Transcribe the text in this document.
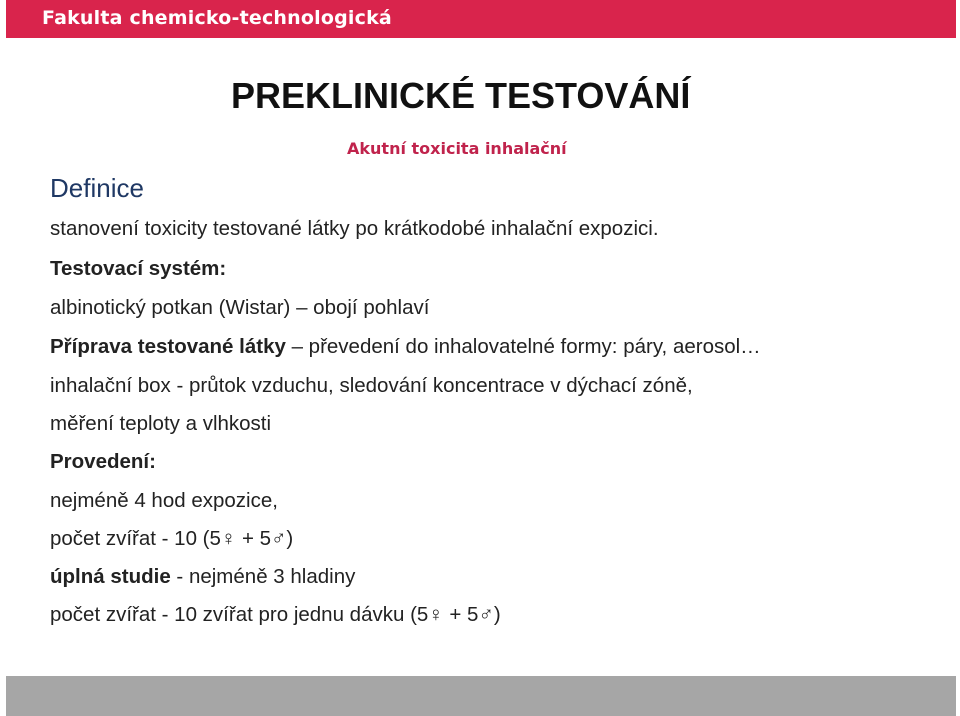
Fakulta chemicko-technologická
PREKLINICKÉ TESTOVÁNÍ
Akutní toxicita inhalační
Definice
stanovení toxicity testované látky po krátkodobé inhalační expozici.
Testovací systém:
albinotický potkan (Wistar) – obojí pohlaví
Příprava testované látky – převedení do inhalovatelné formy: páry, aerosol…
inhalační box - průtok vzduchu, sledování koncentrace v dýchací zóně,
měření teploty a vlhkosti
Provedení:
nejméně 4 hod expozice,
počet zvířat - 10 (5♀ + 5♂)
úplná studie - nejméně 3 hladiny
počet zvířat - 10 zvířat pro jednu dávku (5♀ + 5♂)
